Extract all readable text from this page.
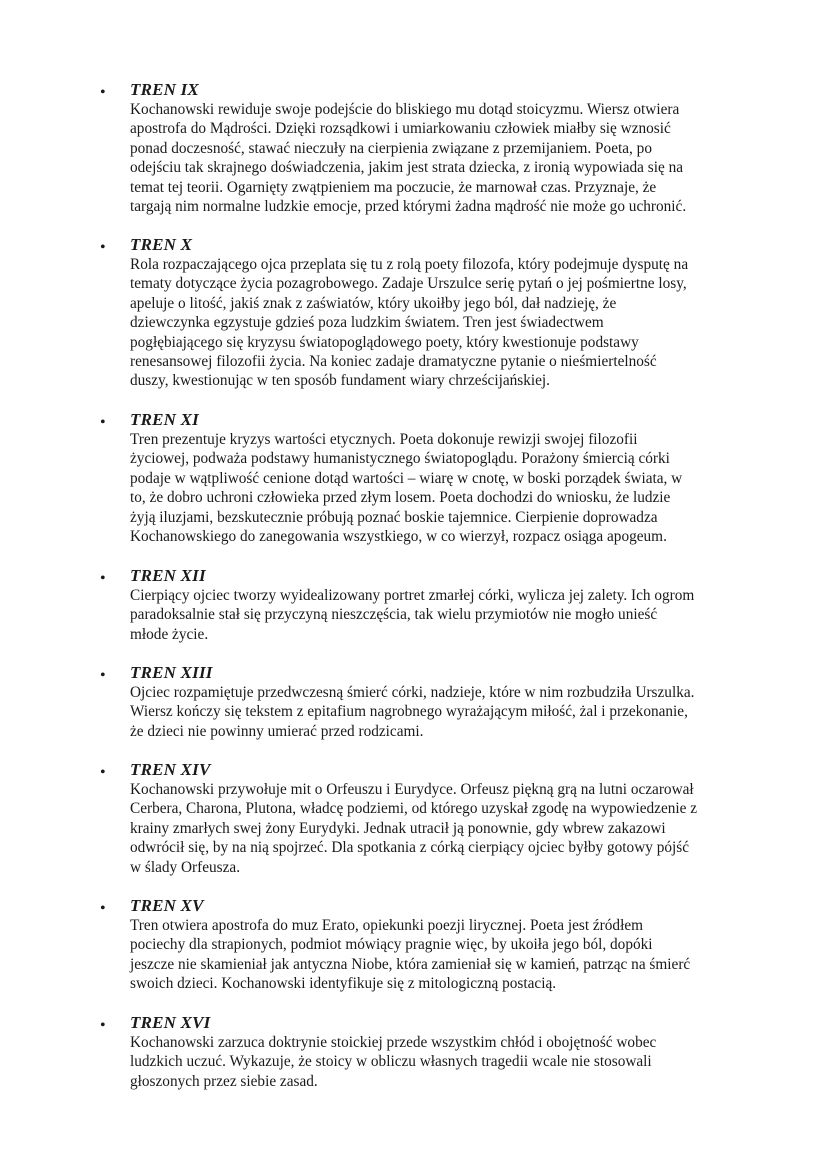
• TREN IX
Kochanowski rewiduje swoje podejście do bliskiego mu dotąd stoicyzmu. Wiersz otwiera
apostrofa do Mądrości. Dzięki rozsądkowi i umiarkowaniu człowiek miałby się wznosić
ponad doczesność, stawać nieczuły na cierpienia związane z przemijaniem. Poeta, po
odejściu tak skrajnego doświadczenia, jakim jest strata dziecka, z ironią wypowiada się na
temat tej teorii. Ogarnięty zwątpieniem ma poczucie, że marnował czas. Przyznaje, że
targają nim normalne ludzkie emocje, przed którymi żadna mądrość nie może go uchronić.
• TREN X
Rola rozpaczającego ojca przeplata się tu z rolą poety filozofa, który podejmuje dysputę na
tematy dotyczące życia pozagrobowego. Zadaje Urszulce serię pytań o jej pośmiertne losy,
apeluje o litość, jakiś znak z zaświatów, który ukoiłby jego ból, dał nadzieję, że
dziewczynka egzystuje gdzieś poza ludzkim światem. Tren jest świadectwem
pogłębiającego się kryzysu światopoglądowego poety, który kwestionuje podstawy
renesansowej filozofii życia. Na koniec zadaje dramatyczne pytanie o nieśmiertelność
duszy, kwestionując w ten sposób fundament wiary chrześcijańskiej.
• TREN XI
Tren prezentuje kryzys wartości etycznych. Poeta dokonuje rewizji swojej filozofii
życiowej, podważa podstawy humanistycznego światopoglądu. Porażony śmiercią córki
podaje w wątpliwość cenione dotąd wartości – wiarę w cnotę, w boski porządek świata, w
to, że dobro uchroni człowieka przed złym losem. Poeta dochodzi do wniosku, że ludzie
żyją iluzjami, bezskutecznie próbują poznać boskie tajemnice. Cierpienie doprowadza
Kochanowskiego do zanegowania wszystkiego, w co wierzył, rozpacz osiąga apogeum.
• TREN XII
Cierpiący ojciec tworzy wyidealizowany portret zmarłej córki, wylicza jej zalety. Ich ogrom
paradoksalnie stał się przyczyną nieszczęścia, tak wielu przymiotów nie mogło unieść
młode życie.
• TREN XIII
Ojciec rozpamiętuje przedwczesną śmierć córki, nadzieje, które w nim rozbudziła Urszulka.
Wiersz kończy się tekstem z epitafium nagrobnego wyrażającym miłość, żal i przekonanie,
że dzieci nie powinny umierać przed rodzicami.
• TREN XIV
Kochanowski przywołuje mit o Orfeuszu i Eurydyce. Orfeusz piękną grą na lutni oczarował
Cerbera, Charona, Plutona, władcę podziemi, od którego uzyskał zgodę na wypowiedzenie z
krainy zmarłych swej żony Eurydyki. Jednak utracił ją ponownie, gdy wbrew zakazowi
odwrócił się, by na nią spojrzeć. Dla spotkania z córką cierpiący ojciec byłby gotowy pójść
w ślady Orfeusza.
• TREN XV
Tren otwiera apostrofa do muz Erato, opiekunki poezji lirycznej. Poeta jest źródłem
pociechy dla strapionych, podmiot mówiący pragnie więc, by ukoiła jego ból, dopóki
jeszcze nie skamieniał jak antyczna Niobe, która zamieniał się w kamień, patrząc na śmierć
swoich dzieci. Kochanowski identyfikuje się z mitologiczną postacią.
• TREN XVI
Kochanowski zarzuca doktrynie stoickiej przede wszystkim chłód i obojętność wobec
ludzkich uczuć. Wykazuje, że stoicy w obliczu własnych tragedii wcale nie stosowali
głoszonych przez siebie zasad.
